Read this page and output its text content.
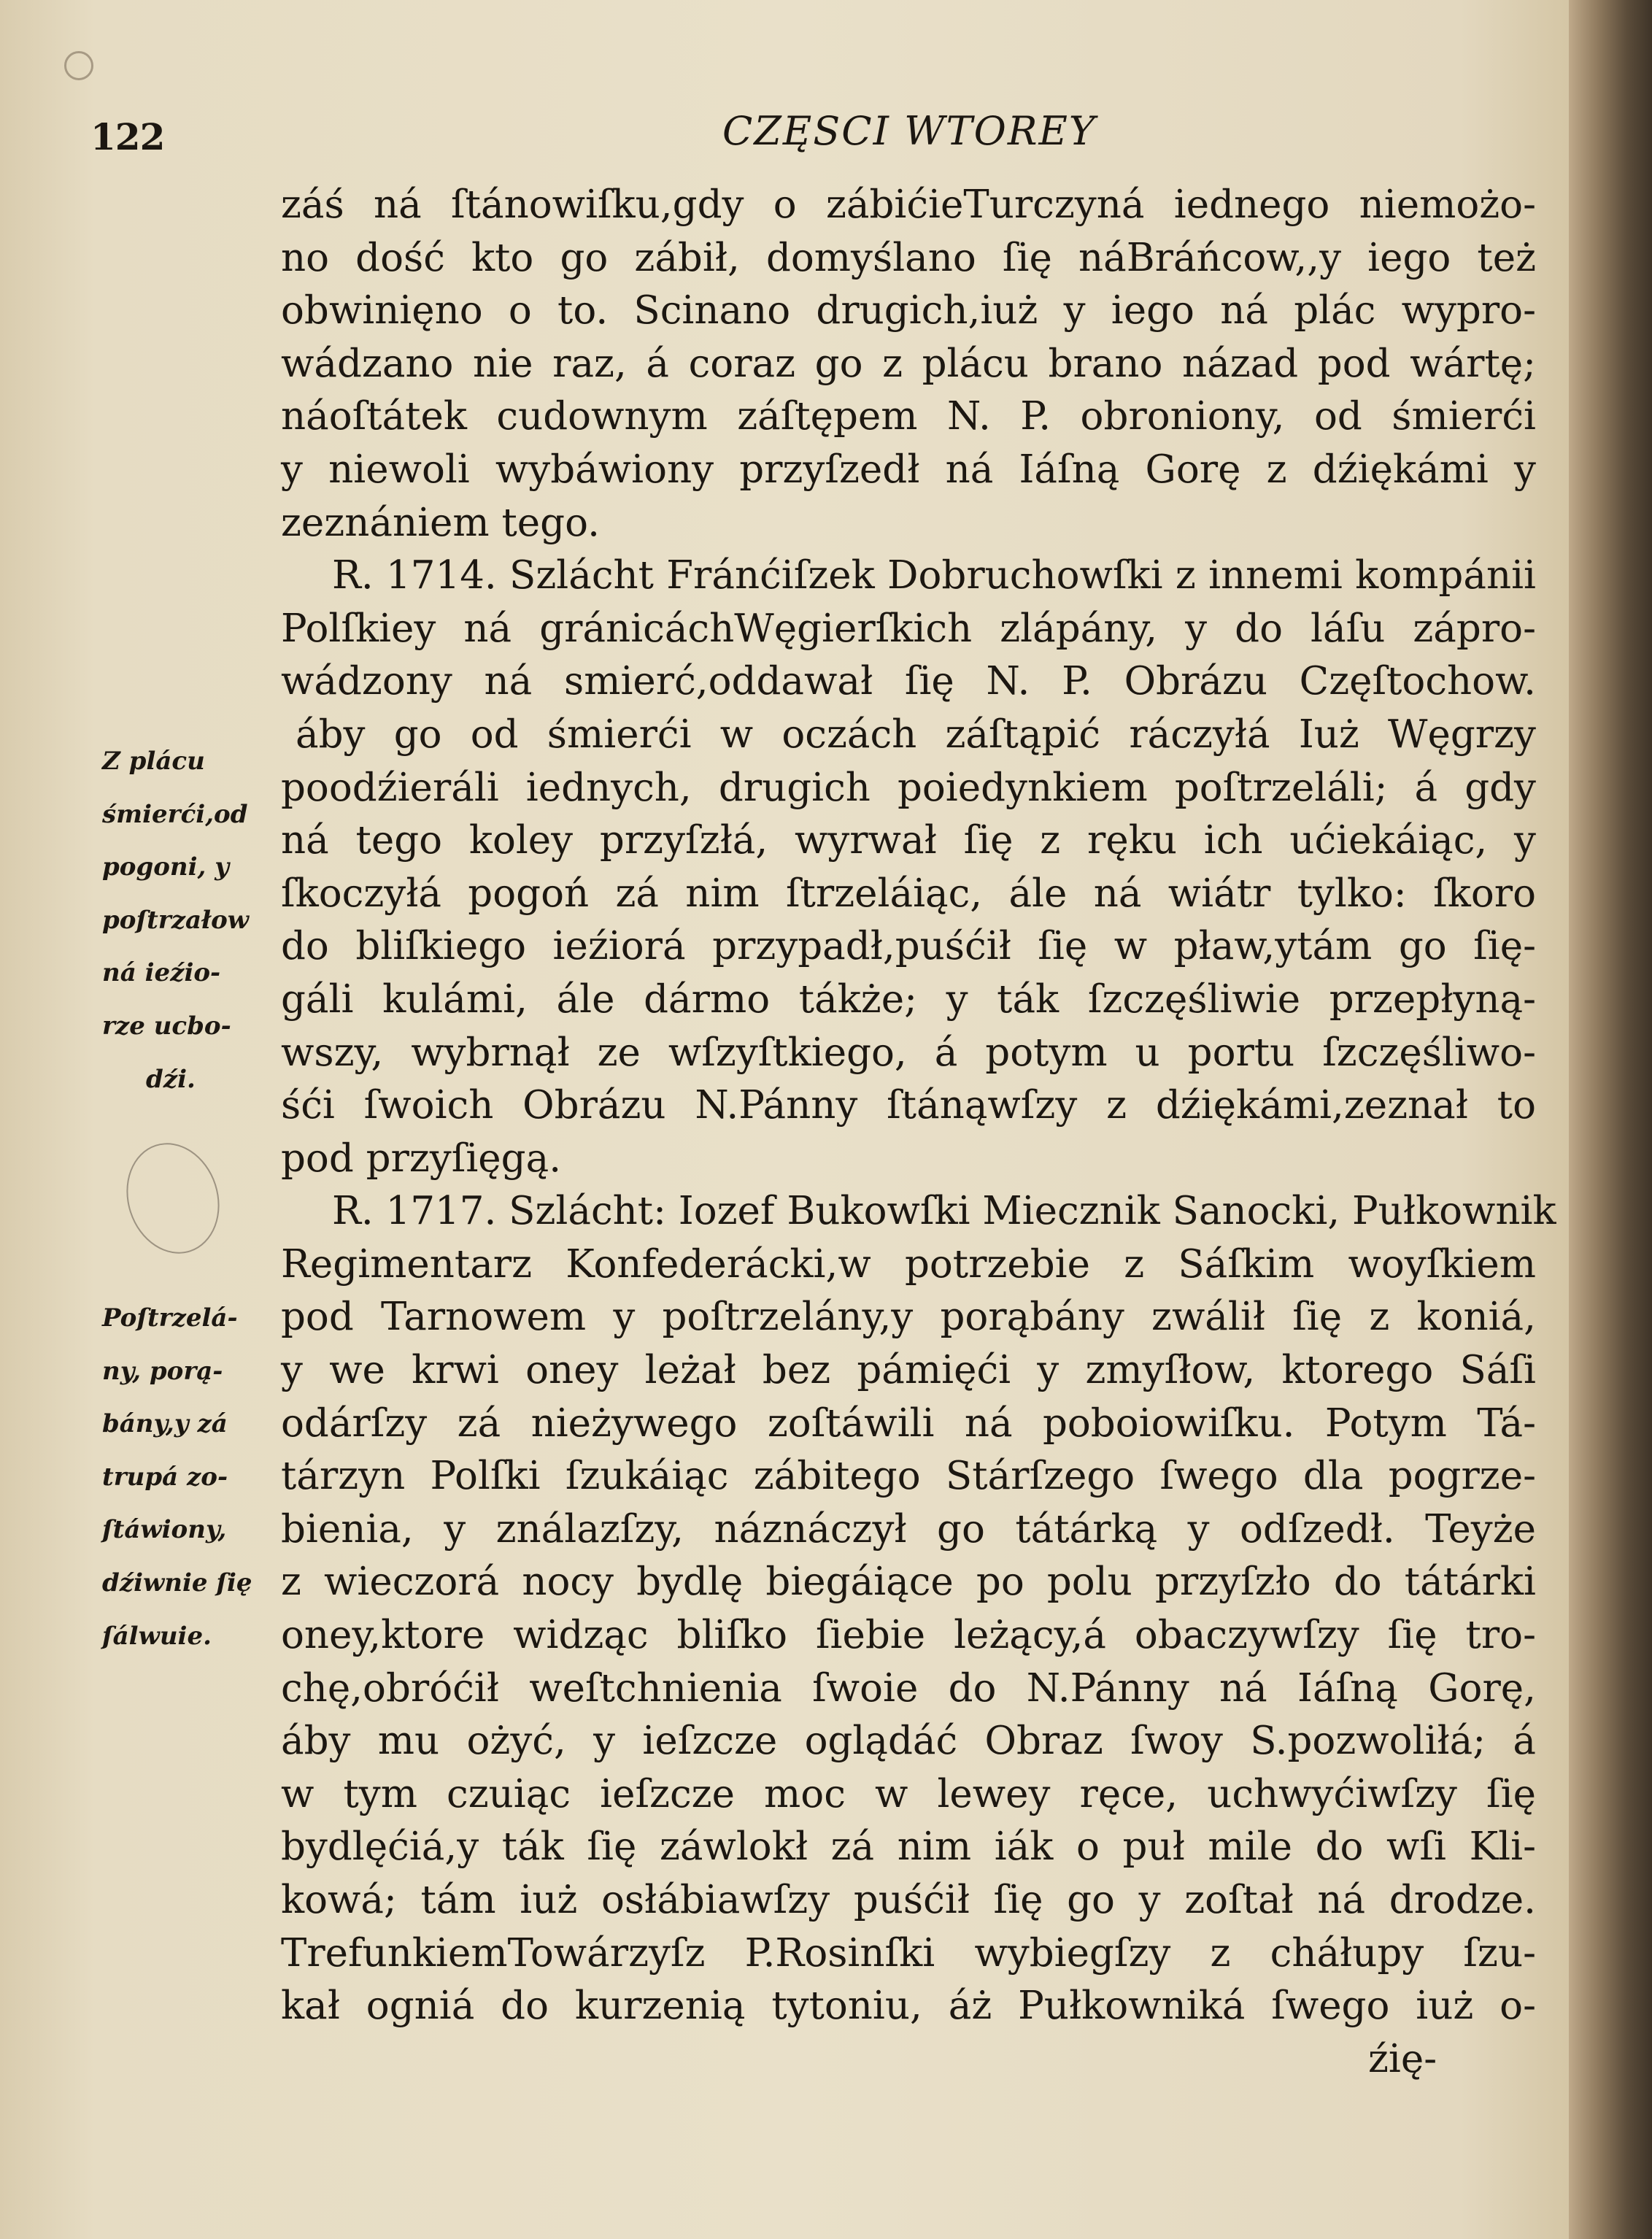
122	CZĘSCI WTOREY
Z plácu
śmierći,od
pogoni, y
poſtrzałow
ná ieźio-
rze ucbo-
dźi.
Poſtrzelá-
ny, porą-
bány,y zá
trupá zo-
ſtáwiony,
dźiwnie ſię
ſálwuie.
záś ná ſtánowiſku,gdy o zábićieTurczyná iednego niemożo-
no dość kto go zábił, domyślano ſię náBráńcow,,y iego też
obwinięno o to. Scinano drugich,iuż y iego ná plác wypro-
wádzano nie raz, á coraz go z plácu brano názad pod wártę;
náoſtátek cudownym záſtępem N. P. obroniony, od śmierći
y niewoli wybáwiony przyſzedł ná Iáſną Gorę z dźiękámi y
zeznániem tego.
R. 1714. Szlácht Fránćiſzek Dobruchowſki z innemi kompánii
Polſkiey ná gránicáchWęgierſkich zlápány, y do láſu zápro-
wádzony ná smierć,oddawał ſię N. P. Obrázu Częſtochow.
áby go od śmierći w oczách záſtąpić ráczyłá Iuż Węgrzy
poodźieráli iednych, drugich poiedynkiem poſtrzeláli; á gdy
ná tego koley przyſzłá, wyrwał ſię z ręku ich ućiekáiąc, y
ſkoczyłá pogoń zá nim ſtrzeláiąc, ále ná wiátr tylko: ſkoro
do bliſkiego ieźiorá przypadł,puśćił ſię w pław,ytám go ſię-
gáli kulámi, ále dármo tákże; y ták ſzczęśliwie przepłyną-
wszy, wybrnął ze wſzyſtkiego, á potym u portu ſzczęśliwo-
śći ſwoich Obrázu N.Pánny ſtánąwſzy z dźiękámi,zeznał to
pod przyſięgą.
R. 1717. Szlácht: Iozef Bukowſki Miecznik Sanocki, Pułkownik
Regimentarz Konfederácki,w potrzebie z Sáſkim woyſkiem
pod Tarnowem y poſtrzelány,y porąbány zwálił ſię z koniá,
y we krwi oney leżał bez pámięći y zmyſłow, ktorego Sáſi
odárſzy zá nieżywego zoſtáwili ná poboiowiſku. Potym Tá-
tárzyn Polſki ſzukáiąc zábitego Stárſzego ſwego dla pogrze-
bienia, y ználazſzy, náznáczył go tátárką y odſzedł. Teyże
z wieczorá nocy bydlę biegáiące po polu przyſzło do tátárki
oney,ktore widząc bliſko ſiebie leżący,á obaczywſzy ſię tro-
chę,obróćił weſtchnienia ſwoie do N.Pánny ná Iáſną Gorę,
áby mu ożyć, y ieſzcze oglądáć Obraz ſwoy S.pozwoliłá; á
w tym czuiąc ieſzcze moc w lewey ręce, uchwyćiwſzy ſię
bydlęćiá,y ták ſię záwlokł zá nim iák o puł mile do wſi Kli-
kowá; tám iuż osłábiawſzy puśćił ſię go y zoſtał ná drodze.
TrefunkiemTowárzyſz P.Rosinſki wybiegſzy z cháłupy ſzu-
kał ogniá do kurzenią tytoniu, áż Pułkowniká ſwego iuż o-
źię-
